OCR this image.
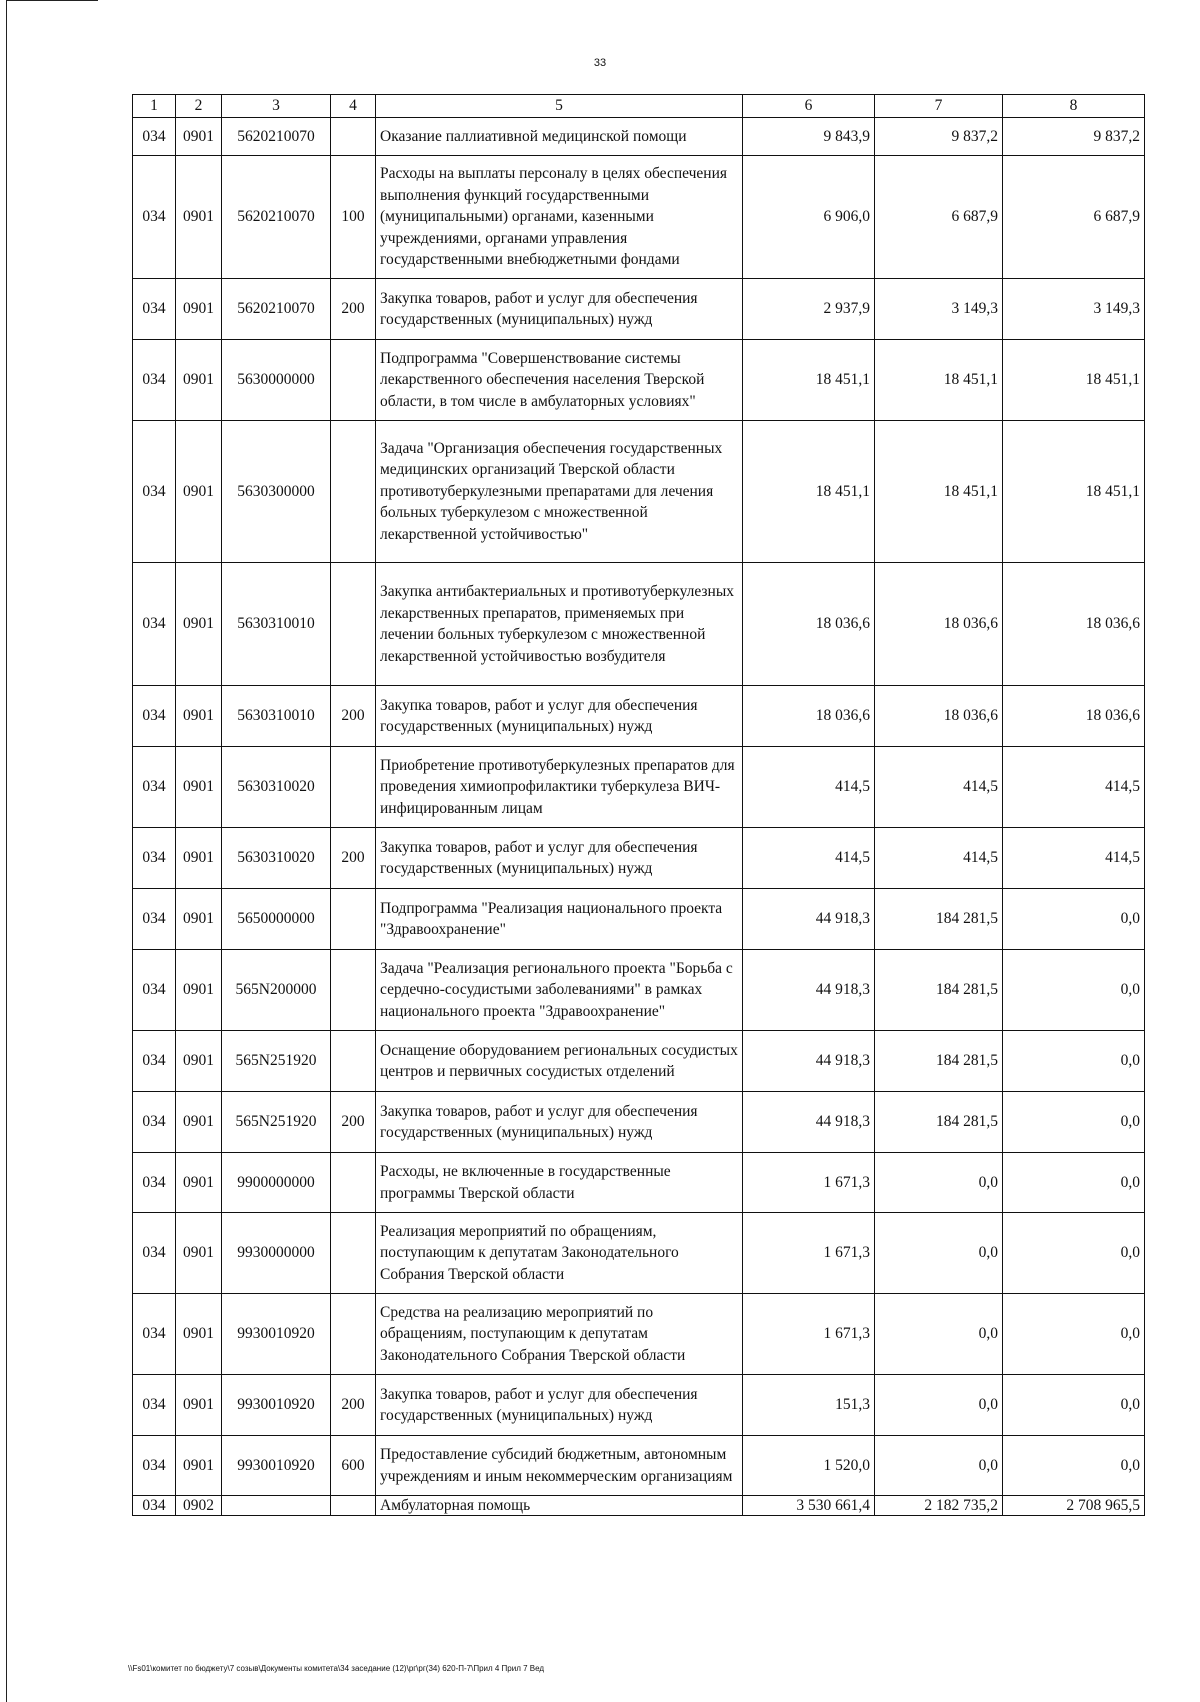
33
1	2	3	4	5	6	7	8
034	0901	5620210070		Оказание паллиативной медицинской помощи	9 843,9	9 837,2	9 837,2
034	0901	5620210070	100	Расходы на выплаты персоналу в целях обеспечения выполнения функций государственными (муниципальными) органами, казенными учреждениями, органами управления государственными внебюджетными фондами	6 906,0	6 687,9	6 687,9
034	0901	5620210070	200	Закупка товаров, работ и услуг для обеспечения государственных (муниципальных) нужд	2 937,9	3 149,3	3 149,3
034	0901	5630000000		Подпрограмма "Совершенствование системы лекарственного обеспечения населения Тверской области, в том числе в амбулаторных условиях"	18 451,1	18 451,1	18 451,1
034	0901	5630300000		Задача "Организация обеспечения государственных медицинских организаций Тверской области противотуберкулезными препаратами для лечения больных туберкулезом с множественной лекарственной устойчивостью"	18 451,1	18 451,1	18 451,1
034	0901	5630310010		Закупка антибактериальных и противотуберкулезных лекарственных препаратов, применяемых при лечении больных туберкулезом с множественной лекарственной устойчивостью возбудителя	18 036,6	18 036,6	18 036,6
034	0901	5630310010	200	Закупка товаров, работ и услуг для обеспечения государственных (муниципальных) нужд	18 036,6	18 036,6	18 036,6
034	0901	5630310020		Приобретение противотуберкулезных препаратов для проведения химиопрофилактики туберкулеза ВИЧ-инфицированным лицам	414,5	414,5	414,5
034	0901	5630310020	200	Закупка товаров, работ и услуг для обеспечения государственных (муниципальных) нужд	414,5	414,5	414,5
034	0901	5650000000		Подпрограмма "Реализация национального проекта "Здравоохранение"	44 918,3	184 281,5	0,0
034	0901	565N200000		Задача "Реализация регионального проекта "Борьба с сердечно-сосудистыми заболеваниями" в рамках национального проекта "Здравоохранение"	44 918,3	184 281,5	0,0
034	0901	565N251920		Оснащение оборудованием региональных сосудистых центров и первичных сосудистых отделений	44 918,3	184 281,5	0,0
034	0901	565N251920	200	Закупка товаров, работ и услуг для обеспечения государственных (муниципальных) нужд	44 918,3	184 281,5	0,0
034	0901	9900000000		Расходы, не включенные в государственные программы Тверской области	1 671,3	0,0	0,0
034	0901	9930000000		Реализация мероприятий по обращениям, поступающим к депутатам Законодательного Собрания Тверской области	1 671,3	0,0	0,0
034	0901	9930010920		Средства на реализацию мероприятий по обращениям, поступающим к депутатам Законодательного Собрания Тверской области	1 671,3	0,0	0,0
034	0901	9930010920	200	Закупка товаров, работ и услуг для обеспечения государственных (муниципальных) нужд	151,3	0,0	0,0
034	0901	9930010920	600	Предоставление субсидий бюджетным, автономным учреждениям и иным некоммерческим организациям	1 520,0	0,0	0,0
034	0902			Амбулаторная помощь	3 530 661,4	2 182 735,2	2 708 965,5
\\Fs01\комитет по бюджету\7 созыв\Документы комитета\34 заседание (12)\рг\рг(34) 620-П-7\Прил 4 Прил 7 Вед
